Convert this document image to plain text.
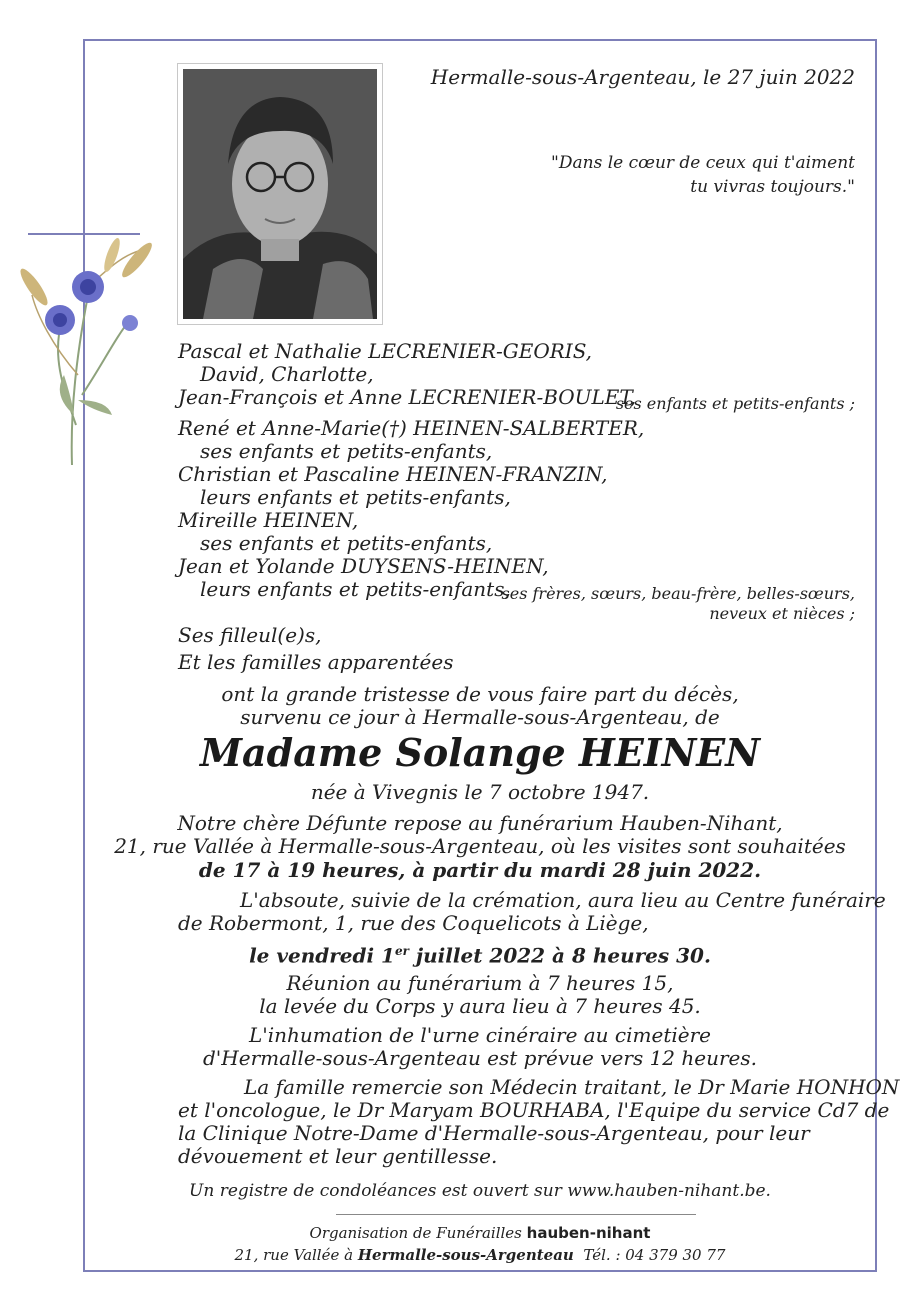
Hermalle-sous-Argenteau, le 27 juin 2022
"Dans le cœur de ceux qui t'aiment
tu vivras toujours."
Pascal et Nathalie LECRENIER-GEORIS,
David, Charlotte,
Jean-François et Anne LECRENIER-BOULET,
ses enfants et petits-enfants ;
René et Anne-Marie(†) HEINEN-SALBERTER,
ses enfants et petits-enfants,
Christian et Pascaline HEINEN-FRANZIN,
leurs enfants et petits-enfants,
Mireille HEINEN,
ses enfants et petits-enfants,
Jean et Yolande DUYSENS-HEINEN,
leurs enfants et petits-enfants,
ses frères, sœurs, beau-frère, belles-sœurs,
neveux et nièces ;
Ses filleul(e)s,
Et les familles apparentées
ont la grande tristesse de vous faire part du décès,
survenu ce jour à Hermalle-sous-Argenteau, de
Madame Solange HEINEN
née à Vivegnis le 7 octobre 1947.
Notre chère Défunte repose au funérarium Hauben-Nihant,
21, rue Vallée à Hermalle-sous-Argenteau, où les visites sont souhaitées
de 17 à 19 heures, à partir du mardi 28 juin 2022.
L'absoute, suivie de la crémation, aura lieu au Centre funéraire
de Robermont, 1, rue des Coquelicots à Liège,
le vendredi 1er juillet 2022 à 8 heures 30.
Réunion au funérarium à 7 heures 15,
la levée du Corps y aura lieu à 7 heures 45.
L'inhumation de l'urne cinéraire au cimetière
d'Hermalle-sous-Argenteau est prévue vers 12 heures.
La famille remercie son Médecin traitant, le Dr Marie HONHON
et l'oncologue, le Dr Maryam BOURHABA, l'Equipe du service Cd7 de
la Clinique Notre-Dame d'Hermalle-sous-Argenteau, pour leur
dévouement et leur gentillesse.
Un registre de condoléances est ouvert sur www.hauben-nihant.be.
Organisation de Funérailles hauben-nihant
21, rue Vallée à Hermalle-sous-Argenteau Tél. : 04 379 30 77
